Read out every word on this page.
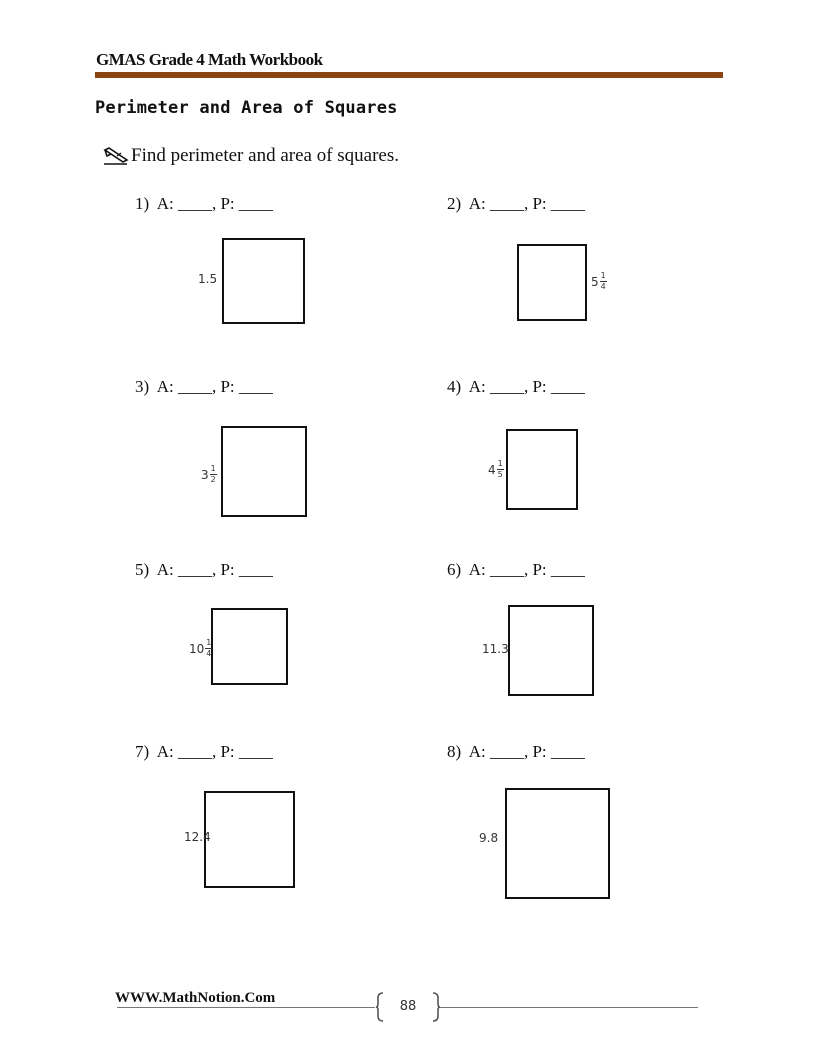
GMAS Grade 4 Math Workbook
Perimeter and Area of Squares
Find perimeter and area of squares.
1)  A: ____, P: ____
1.5
2)  A: ____, P: ____
$5 \frac{1}{4}$
3)  A: ____, P: ____
$3 \frac{1}{2}$
4)  A: ____, P: ____
$4 \frac{1}{5}$
5)  A: ____, P: ____
$10 \frac{1}{4}$
6)  A: ____, P: ____
11.3
7)  A: ____, P: ____
12.4
8)  A: ____, P: ____
9.8
WWW.MathNotion.Com
88
